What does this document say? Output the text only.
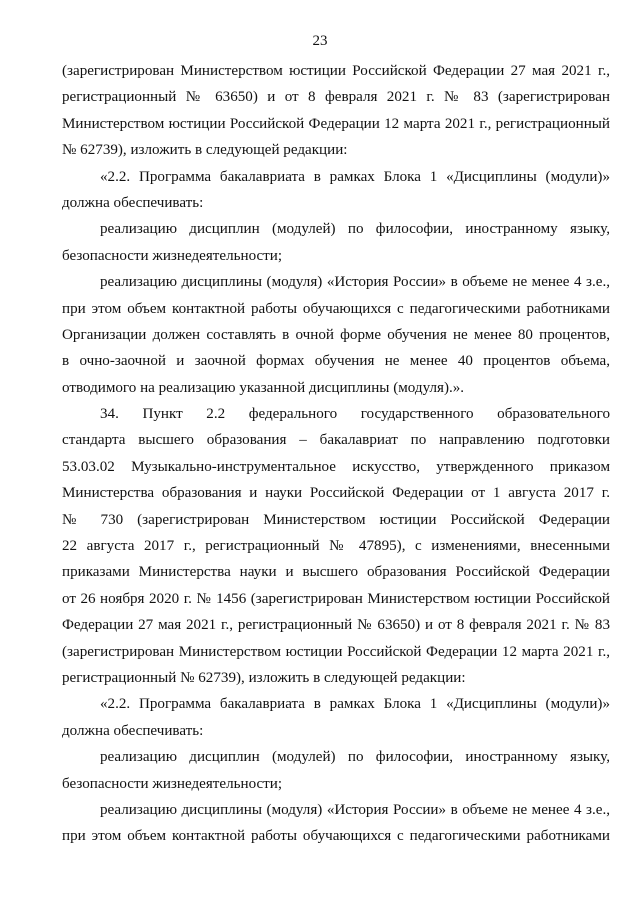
23
(зарегистрирован Министерством юстиции Российской Федерации 27 мая 2021 г.,
регистрационный № 63650) и от 8 февраля 2021 г. № 83 (зарегистрирован
Министерством юстиции Российской Федерации 12 марта 2021 г., регистрационный
№ 62739), изложить в следующей редакции:
«2.2. Программа бакалавриата в рамках Блока 1 «Дисциплины (модули)»
должна обеспечивать:
реализацию дисциплин (модулей) по философии, иностранному языку,
безопасности жизнедеятельности;
реализацию дисциплины (модуля) «История России» в объеме не менее 4 з.е.,
при этом объем контактной работы обучающихся с педагогическими работниками
Организации должен составлять в очной форме обучения не менее 80 процентов,
в очно-заочной и заочной формах обучения не менее 40 процентов объема,
отводимого на реализацию указанной дисциплины (модуля).».
34. Пункт 2.2 федерального государственного образовательного
стандарта высшего образования – бакалавриат по направлению подготовки
53.03.02 Музыкально-инструментальное искусство, утвержденного приказом
Министерства образования и науки Российской Федерации от 1 августа 2017 г.
№ 730 (зарегистрирован Министерством юстиции Российской Федерации
22 августа 2017 г., регистрационный № 47895), с изменениями, внесенными
приказами Министерства науки и высшего образования Российской Федерации
от 26 ноября 2020 г. № 1456 (зарегистрирован Министерством юстиции Российской
Федерации 27 мая 2021 г., регистрационный № 63650) и от 8 февраля 2021 г. № 83
(зарегистрирован Министерством юстиции Российской Федерации 12 марта 2021 г.,
регистрационный № 62739), изложить в следующей редакции:
«2.2. Программа бакалавриата в рамках Блока 1 «Дисциплины (модули)»
должна обеспечивать:
реализацию дисциплин (модулей) по философии, иностранному языку,
безопасности жизнедеятельности;
реализацию дисциплины (модуля) «История России» в объеме не менее 4 з.е.,
при этом объем контактной работы обучающихся с педагогическими работниками
